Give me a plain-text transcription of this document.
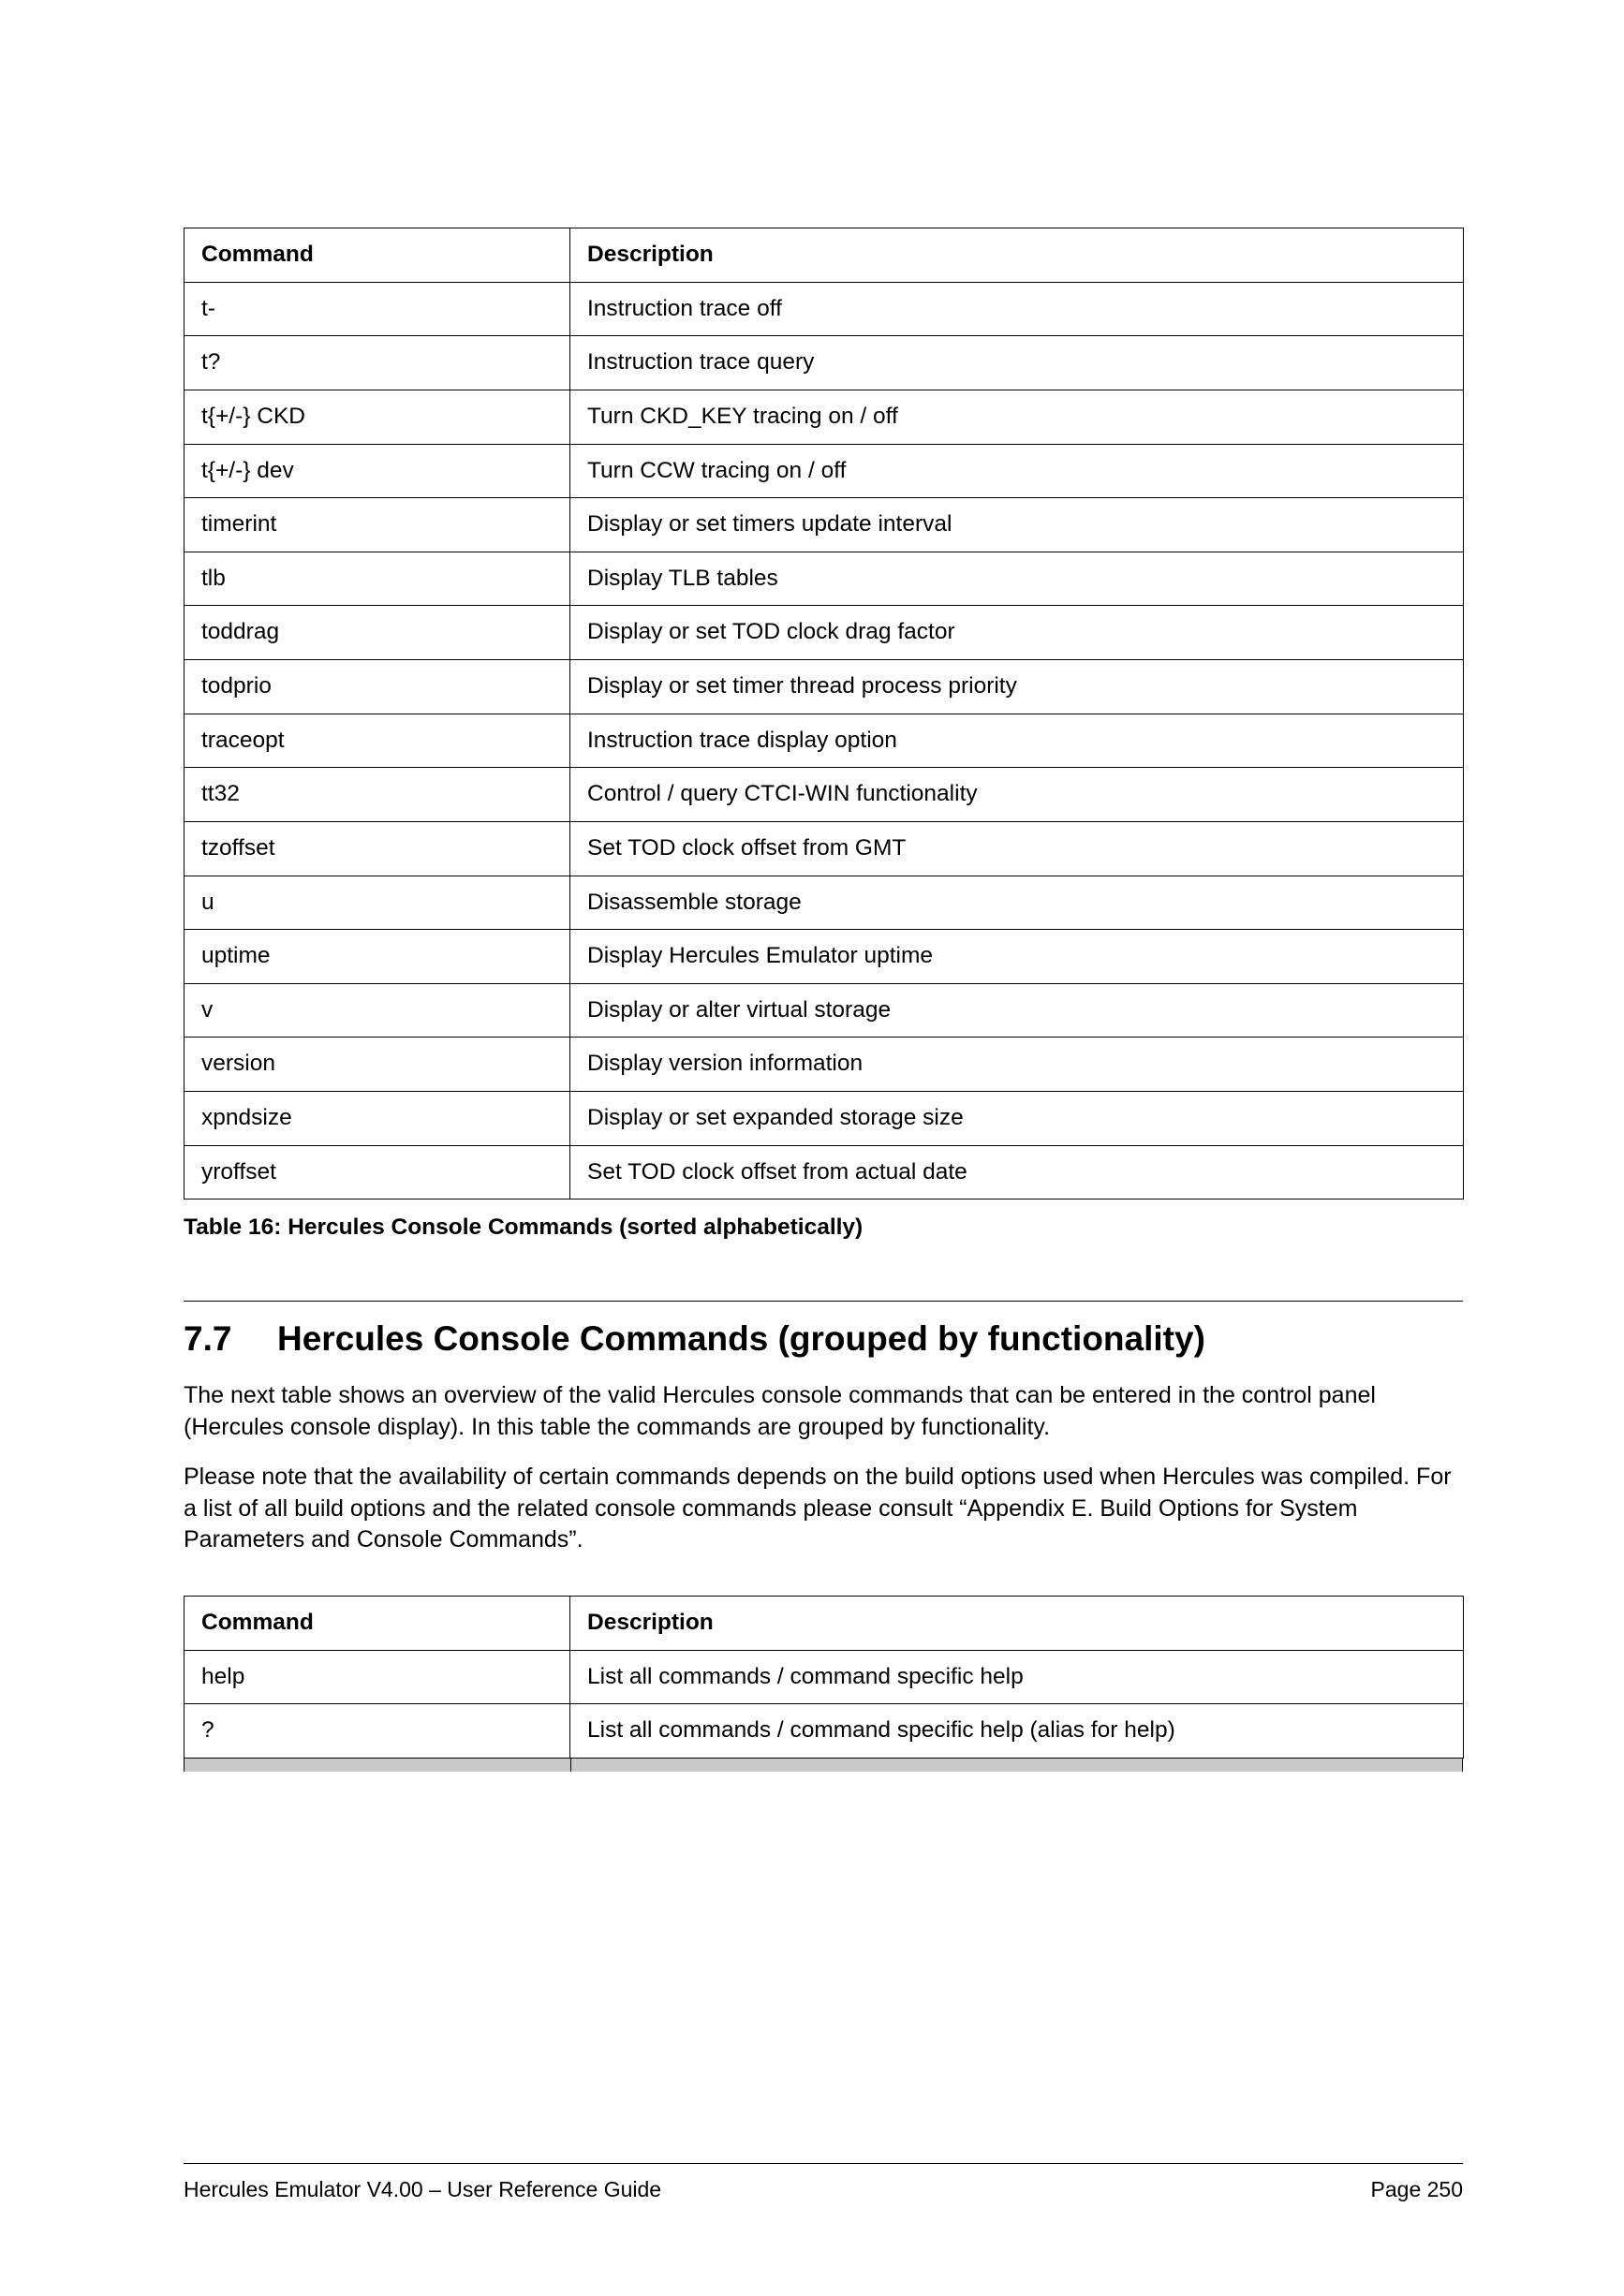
Command	Description
t-	Instruction trace off
t?	Instruction trace query
t{+/-} CKD	Turn CKD_KEY tracing on / off
t{+/-} dev	Turn CCW tracing on / off
timerint	Display or set timers update interval
tlb	Display TLB tables
toddrag	Display or set TOD clock drag factor
todprio	Display or set timer thread process priority
traceopt	Instruction trace display option
tt32	Control / query CTCI-WIN functionality
tzoffset	Set TOD clock offset from GMT
u	Disassemble storage
uptime	Display Hercules Emulator uptime
v	Display or alter virtual storage
version	Display version information
xpndsize	Display or set expanded storage size
yroffset	Set TOD clock offset from actual date
Table 16: Hercules Console Commands (sorted alphabetically)
7.7	Hercules Console Commands (grouped by functionality)

The next table shows an overview of the valid Hercules console commands that can be entered in the control panel (Hercules console display). In this table the commands are grouped by functionality.

Please note that the availability of certain commands depends on the build options used when Hercules was compiled. For a list of all build options and the related console commands please consult “Appendix E. Build Options for System Parameters and Console Commands”.

Command	Description
help	List all commands / command specific help
?	List all commands / command specific help (alias for help)
Hercules Emulator V4.00 – User Reference Guide	Page 250
